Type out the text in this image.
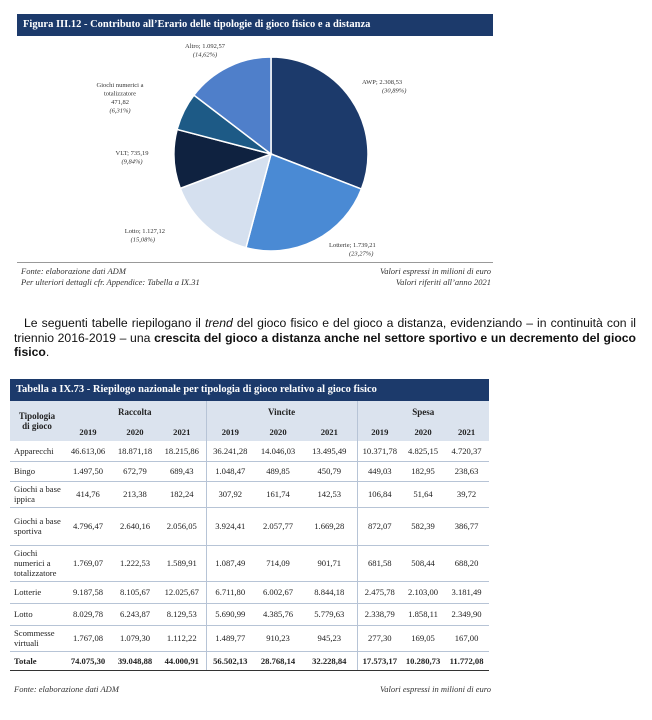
Figura III.12 - Contributo all’Erario delle tipologie di gioco fisico e a distanza
AWP; 2.308,53
(30,89%)
Lotterie; 1.739,21
(23,27%)
Lotto; 1.127,12
(15,08%)
VLT; 735,19
(9,84%)
Giochi numerici a
totalizzatore
471,82
(6,31%)
Altro; 1.092,57
(14,62%)
Fonte: elaborazione dati ADM
Per ulteriori dettagli cfr. Appendice: Tabella a IX.31
Valori espressi in milioni di euro
Valori riferiti all’anno 2021
Le seguenti tabelle riepilogano il trend del gioco fisico e del gioco a distanza, evidenziando – in continuità con il triennio 2016-2019 – una crescita del gioco a distanza anche nel settore sportivo e un decremento del gioco fisico.
Tabella a IX.73 - Riepilogo nazionale per tipologia di gioco relativo al gioco fisico
Tipologia
di gioco	Raccolta			Vincite			Spesa		
	2019	2020	2021	2019	2020	2021	2019	2020	2021
Apparecchi	46.613,06	18.871,18	18.215,86	36.241,28	14.046,03	13.495,49	10.371,78	4.825,15	4.720,37
Bingo	1.497,50	672,79	689,43	1.048,47	489,85	450,79	449,03	182,95	238,63
Giochi a base ippica	414,76	213,38	182,24	307,92	161,74	142,53	106,84	51,64	39,72
Giochi a base sportiva	4.796,47	2.640,16	2.056,05	3.924,41	2.057,77	1.669,28	872,07	582,39	386,77
Giochi numerici a totalizzatore	1.769,07	1.222,53	1.589,91	1.087,49	714,09	901,71	681,58	508,44	688,20
Lotterie	9.187,58	8.105,67	12.025,67	6.711,80	6.002,67	8.844,18	2.475,78	2.103,00	3.181,49
Lotto	8.029,78	6.243,87	8.129,53	5.690,99	4.385,76	5.779,63	2.338,79	1.858,11	2.349,90
Scommesse virtuali	1.767,08	1.079,30	1.112,22	1.489,77	910,23	945,23	277,30	169,05	167,00
Totale	74.075,30	39.048,88	44.000,91	56.502,13	28.768,14	32.228,84	17.573,17	10.280,73	11.772,08
Fonte: elaborazione dati ADM	Valori espressi in milioni di euro
